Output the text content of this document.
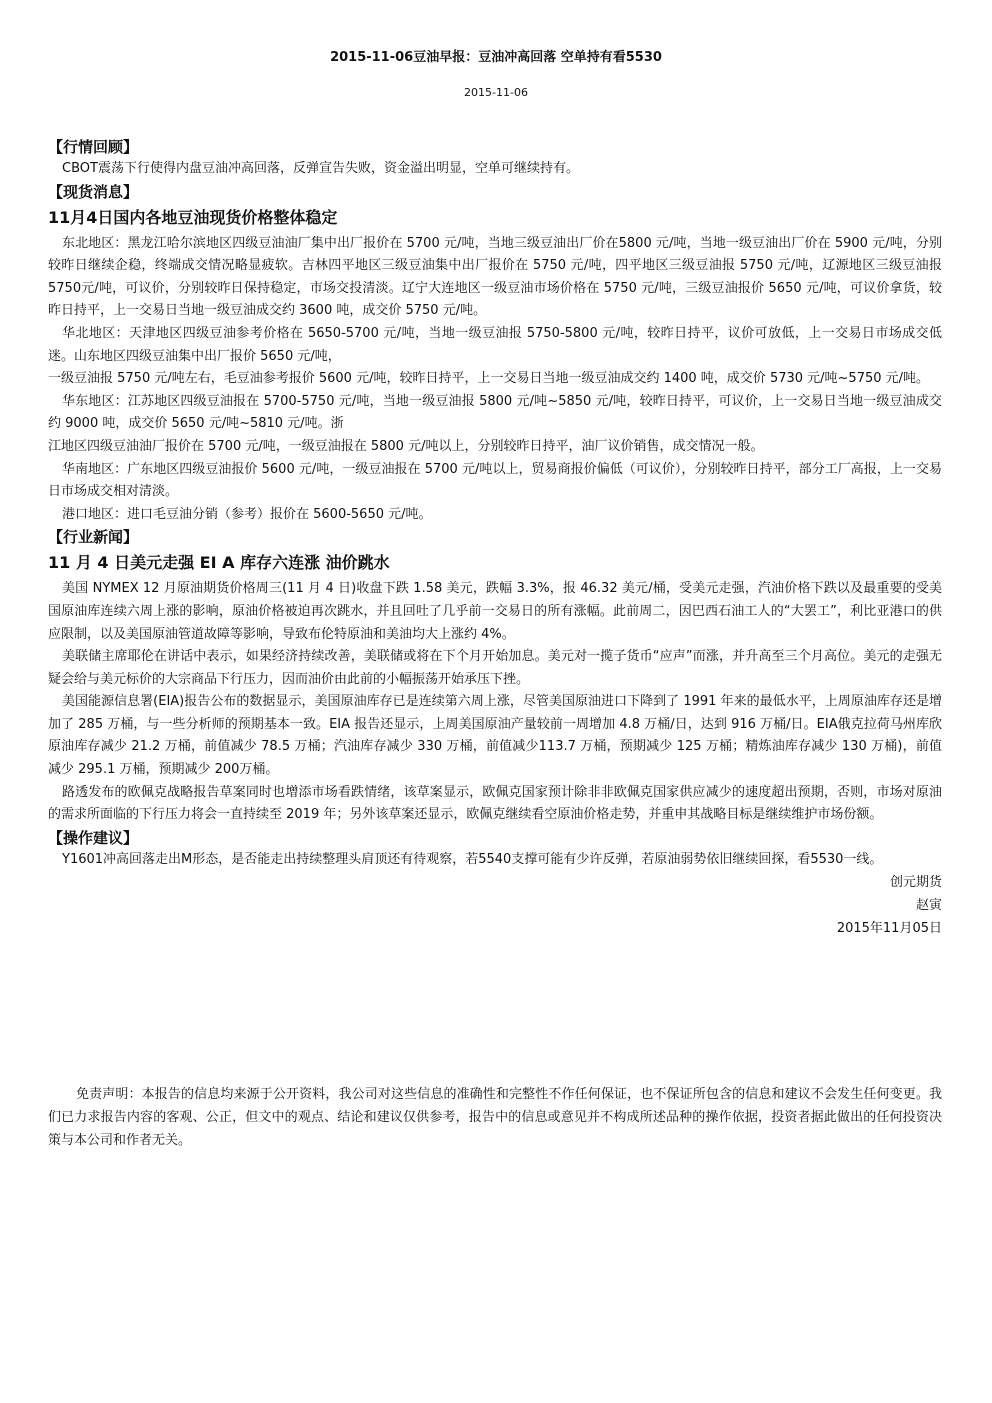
2015-11-06豆油早报：豆油冲高回落 空单持有看5530
2015-11-06

【行情回顾】

CBOT震荡下行使得内盘豆油冲高回落，反弹宣告失败，资金溢出明显，空单可继续持有。

【现货消息】

11月4日国内各地豆油现货价格整体稳定

东北地区：黑龙江哈尔滨地区四级豆油油厂集中出厂报价在 5700 元/吨，当地三级豆油出厂价在5800 元/吨，当地一级豆油出厂价在 5900 元/吨，分别较昨日继续企稳，终端成交情况略显疲软。吉林四平地区三级豆油集中出厂报价在 5750 元/吨，四平地区三级豆油报 5750 元/吨，辽源地区三级豆油报 5750元/吨，可议价，分别较昨日保持稳定，市场交投清淡。辽宁大连地区一级豆油市场价格在 5750 元/吨，三级豆油报价 5650 元/吨，可议价拿货，较昨日持平，上一交易日当地一级豆油成交约 3600 吨，成交价 5750 元/吨。

华北地区：天津地区四级豆油参考价格在 5650-5700 元/吨，当地一级豆油报 5750-5800 元/吨，较昨日持平，议价可放低，上一交易日市场成交低迷。山东地区四级豆油集中出厂报价 5650 元/吨，

一级豆油报 5750 元/吨左右，毛豆油参考报价 5600 元/吨，较昨日持平，上一交易日当地一级豆油成交约 1400 吨，成交价 5730 元/吨~5750 元/吨。

华东地区：江苏地区四级豆油报在 5700-5750 元/吨，当地一级豆油报 5800 元/吨~5850 元/吨，较昨日持平，可议价，上一交易日当地一级豆油成交约 9000 吨，成交价 5650 元/吨~5810 元/吨。浙

江地区四级豆油油厂报价在 5700 元/吨，一级豆油报在 5800 元/吨以上，分别较昨日持平，油厂议价销售，成交情况一般。

华南地区：广东地区四级豆油报价 5600 元/吨，一级豆油报在 5700 元/吨以上，贸易商报价偏低（可议价），分别较昨日持平，部分工厂高报，上一交易日市场成交相对清淡。

港口地区：进口毛豆油分销（参考）报价在 5600-5650 元/吨。

【行业新闻】

11 月 4 日美元走强 EI A 库存六连涨 油价跳水

美国 NYMEX 12 月原油期货价格周三(11 月 4 日)收盘下跌 1.58 美元，跌幅 3.3%，报 46.32 美元/桶，受美元走强，汽油价格下跌以及最重要的受美国原油库连续六周上涨的影响，原油价格被迫再次跳水，并且回吐了几乎前一交易日的所有涨幅。此前周二，因巴西石油工人的“大罢工”，利比亚港口的供应限制，以及美国原油管道故障等影响，导致布伦特原油和美油均大上涨约 4%。

美联储主席耶伦在讲话中表示，如果经济持续改善，美联储或将在下个月开始加息。美元对一揽子货币“应声”而涨，并升高至三个月高位。美元的走强无疑会给与美元标价的大宗商品下行压力，因而油价由此前的小幅振荡开始承压下挫。

美国能源信息署(EIA)报告公布的数据显示，美国原油库存已是连续第六周上涨，尽管美国原油进口下降到了 1991 年来的最低水平，上周原油库存还是增加了 285 万桶，与一些分析师的预期基本一致。EIA 报告还显示，上周美国原油产量较前一周增加 4.8 万桶/日，达到 916 万桶/日。EIA俄克拉荷马州库欣原油库存减少 21.2 万桶，前值减少 78.5 万桶；汽油库存减少 330 万桶，前值减少113.7 万桶，预期减少 125 万桶；精炼油库存减少 130 万桶)，前值减少 295.1 万桶，预期减少 200万桶。

路透发布的欧佩克战略报告草案同时也增添市场看跌情绪，该草案显示，欧佩克国家预计除非非欧佩克国家供应减少的速度超出预期，否则，市场对原油的需求所面临的下行压力将会一直持续至 2019 年；另外该草案还显示，欧佩克继续看空原油价格走势，并重申其战略目标是继续维护市场份额。

【操作建议】

Y1601冲高回落走出M形态，是否能走出持续整理头肩顶还有待观察，若5540支撑可能有少许反弹，若原油弱势依旧继续回探，看5530一线。

创元期货

赵寅

2015年11月05日

免责声明：本报告的信息均来源于公开资料，我公司对这些信息的准确性和完整性不作任何保证，也不保证所包含的信息和建议不会发生任何变更。我们已力求报告内容的客观、公正，但文中的观点、结论和建议仅供参考，报告中的信息或意见并不构成所述品种的操作依据，投资者据此做出的任何投资决策与本公司和作者无关。
